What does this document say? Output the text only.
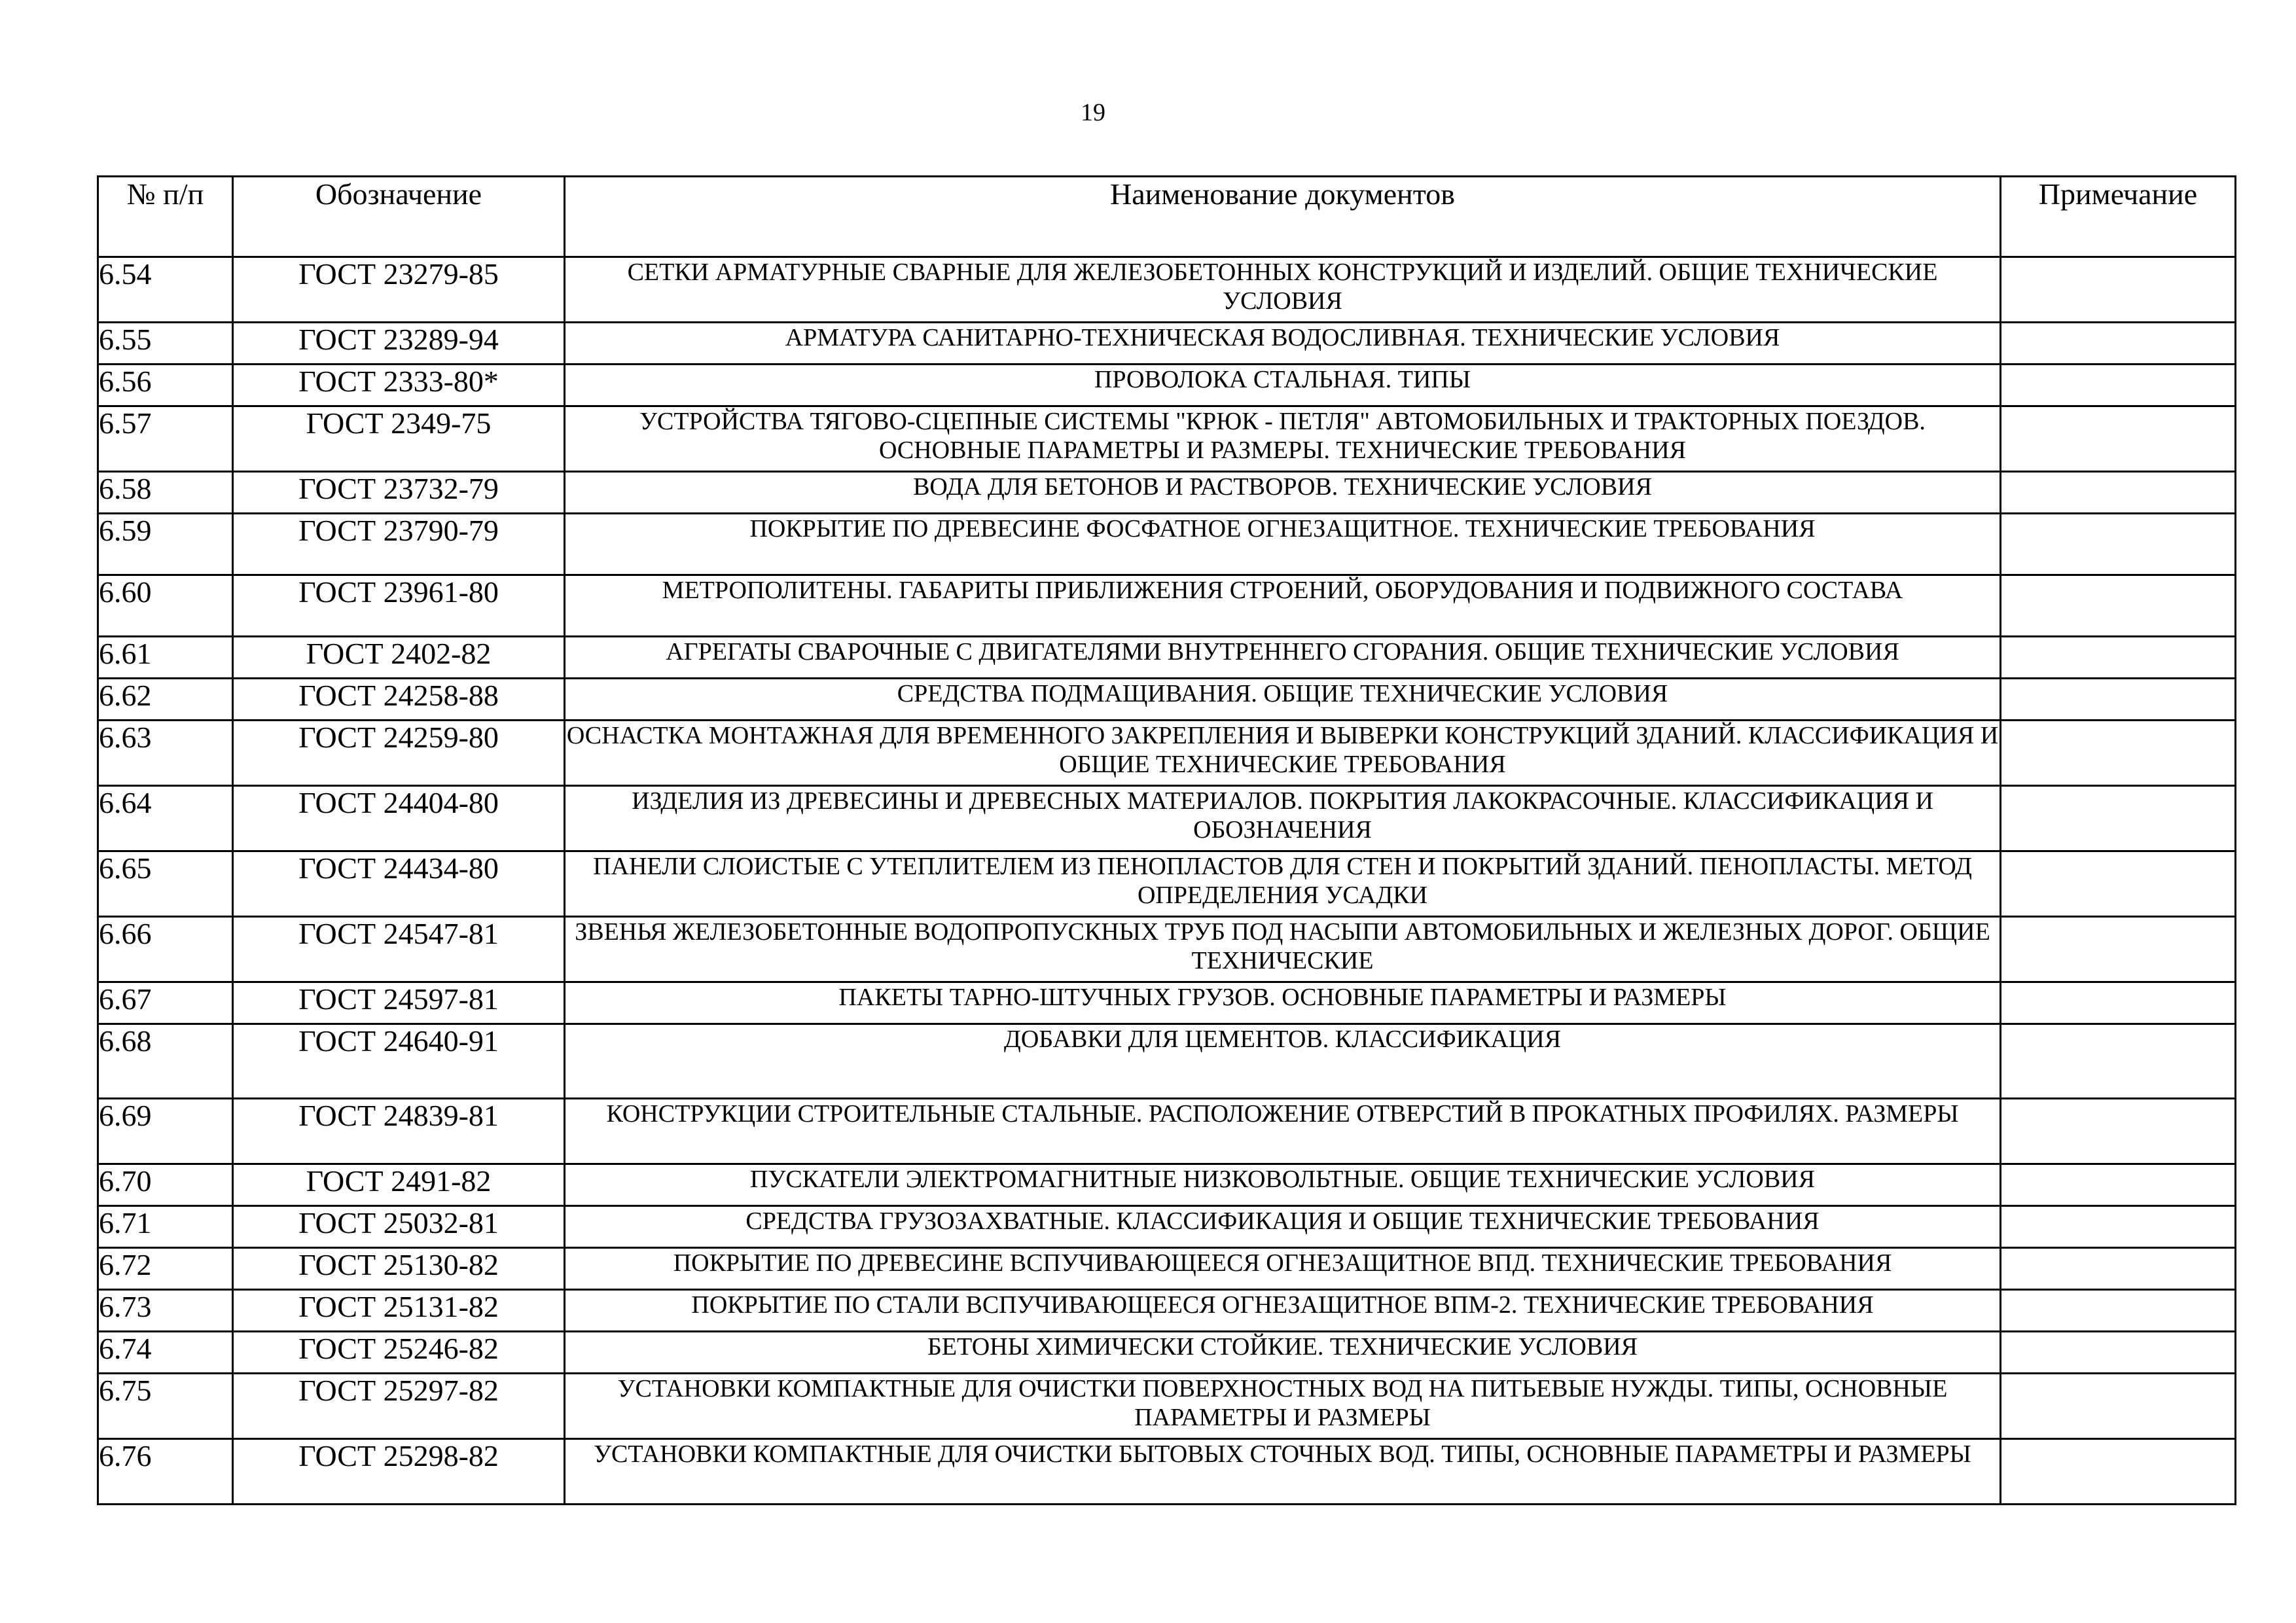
19
№ п/п	Обозначение	Наименование документов	Примечание
6.54	ГОСТ 23279-85	СЕТКИ АРМАТУРНЫЕ СВАРНЫЕ ДЛЯ ЖЕЛЕЗОБЕТОННЫХ КОНСТРУКЦИЙ И ИЗДЕЛИЙ. ОБЩИЕ ТЕХНИЧЕСКИЕ УСЛОВИЯ	
6.55	ГОСТ 23289-94	АРМАТУРА САНИТАРНО-ТЕХНИЧЕСКАЯ ВОДОСЛИВНАЯ. ТЕХНИЧЕСКИЕ УСЛОВИЯ	
6.56	ГОСТ 2333-80*	ПРОВОЛОКА СТАЛЬНАЯ. ТИПЫ	
6.57	ГОСТ 2349-75	УСТРОЙСТВА ТЯГОВО-СЦЕПНЫЕ СИСТЕМЫ "КРЮК - ПЕТЛЯ" АВТОМОБИЛЬНЫХ И ТРАКТОРНЫХ ПОЕЗДОВ. ОСНОВНЫЕ ПАРАМЕТРЫ И РАЗМЕРЫ. ТЕХНИЧЕСКИЕ ТРЕБОВАНИЯ	
6.58	ГОСТ 23732-79	ВОДА ДЛЯ БЕТОНОВ И РАСТВОРОВ. ТЕХНИЧЕСКИЕ УСЛОВИЯ	
6.59	ГОСТ 23790-79	ПОКРЫТИЕ ПО ДРЕВЕСИНЕ ФОСФАТНОЕ ОГНЕЗАЩИТНОЕ. ТЕХНИЧЕСКИЕ ТРЕБОВАНИЯ	
6.60	ГОСТ 23961-80	МЕТРОПОЛИТЕНЫ. ГАБАРИТЫ ПРИБЛИЖЕНИЯ СТРОЕНИЙ, ОБОРУДОВАНИЯ И ПОДВИЖНОГО СОСТАВА	
6.61	ГОСТ 2402-82	АГРЕГАТЫ СВАРОЧНЫЕ С ДВИГАТЕЛЯМИ ВНУТРЕННЕГО СГОРАНИЯ. ОБЩИЕ ТЕХНИЧЕСКИЕ УСЛОВИЯ	
6.62	ГОСТ 24258-88	СРЕДСТВА ПОДМАЩИВАНИЯ. ОБЩИЕ ТЕХНИЧЕСКИЕ УСЛОВИЯ	
6.63	ГОСТ 24259-80	ОСНАСТКА МОНТАЖНАЯ ДЛЯ ВРЕМЕННОГО ЗАКРЕПЛЕНИЯ И ВЫВЕРКИ КОНСТРУКЦИЙ ЗДАНИЙ. КЛАССИФИКАЦИЯ И ОБЩИЕ ТЕХНИЧЕСКИЕ ТРЕБОВАНИЯ	
6.64	ГОСТ 24404-80	ИЗДЕЛИЯ ИЗ ДРЕВЕСИНЫ И ДРЕВЕСНЫХ МАТЕРИАЛОВ. ПОКРЫТИЯ ЛАКОКРАСОЧНЫЕ. КЛАССИФИКАЦИЯ И ОБОЗНАЧЕНИЯ	
6.65	ГОСТ 24434-80	ПАНЕЛИ СЛОИСТЫЕ С УТЕПЛИТЕЛЕМ ИЗ ПЕНОПЛАСТОВ ДЛЯ СТЕН И ПОКРЫТИЙ ЗДАНИЙ. ПЕНОПЛАСТЫ. МЕТОД ОПРЕДЕЛЕНИЯ УСАДКИ	
6.66	ГОСТ 24547-81	ЗВЕНЬЯ ЖЕЛЕЗОБЕТОННЫЕ ВОДОПРОПУСКНЫХ ТРУБ ПОД НАСЫПИ АВТОМОБИЛЬНЫХ И ЖЕЛЕЗНЫХ ДОРОГ. ОБЩИЕ ТЕХНИЧЕСКИЕ	
6.67	ГОСТ 24597-81	ПАКЕТЫ ТАРНО-ШТУЧНЫХ ГРУЗОВ. ОСНОВНЫЕ ПАРАМЕТРЫ И РАЗМЕРЫ	
6.68	ГОСТ 24640-91	ДОБАВКИ ДЛЯ ЦЕМЕНТОВ. КЛАССИФИКАЦИЯ	
6.69	ГОСТ 24839-81	КОНСТРУКЦИИ СТРОИТЕЛЬНЫЕ СТАЛЬНЫЕ. РАСПОЛОЖЕНИЕ ОТВЕРСТИЙ В ПРОКАТНЫХ ПРОФИЛЯХ. РАЗМЕРЫ	
6.70	ГОСТ 2491-82	ПУСКАТЕЛИ ЭЛЕКТРОМАГНИТНЫЕ НИЗКОВОЛЬТНЫЕ. ОБЩИЕ ТЕХНИЧЕСКИЕ УСЛОВИЯ	
6.71	ГОСТ 25032-81	СРЕДСТВА ГРУЗОЗАХВАТНЫЕ. КЛАССИФИКАЦИЯ И ОБЩИЕ ТЕХНИЧЕСКИЕ ТРЕБОВАНИЯ	
6.72	ГОСТ 25130-82	ПОКРЫТИЕ ПО ДРЕВЕСИНЕ ВСПУЧИВАЮЩЕЕСЯ ОГНЕЗАЩИТНОЕ ВПД. ТЕХНИЧЕСКИЕ ТРЕБОВАНИЯ	
6.73	ГОСТ 25131-82	ПОКРЫТИЕ ПО СТАЛИ ВСПУЧИВАЮЩЕЕСЯ ОГНЕЗАЩИТНОЕ ВПМ-2. ТЕХНИЧЕСКИЕ ТРЕБОВАНИЯ	
6.74	ГОСТ 25246-82	БЕТОНЫ ХИМИЧЕСКИ СТОЙКИЕ. ТЕХНИЧЕСКИЕ УСЛОВИЯ	
6.75	ГОСТ 25297-82	УСТАНОВКИ КОМПАКТНЫЕ ДЛЯ ОЧИСТКИ ПОВЕРХНОСТНЫХ ВОД НА ПИТЬЕВЫЕ НУЖДЫ. ТИПЫ, ОСНОВНЫЕ ПАРАМЕТРЫ И РАЗМЕРЫ	
6.76	ГОСТ 25298-82	УСТАНОВКИ КОМПАКТНЫЕ ДЛЯ ОЧИСТКИ БЫТОВЫХ СТОЧНЫХ ВОД. ТИПЫ, ОСНОВНЫЕ ПАРАМЕТРЫ И РАЗМЕРЫ	
